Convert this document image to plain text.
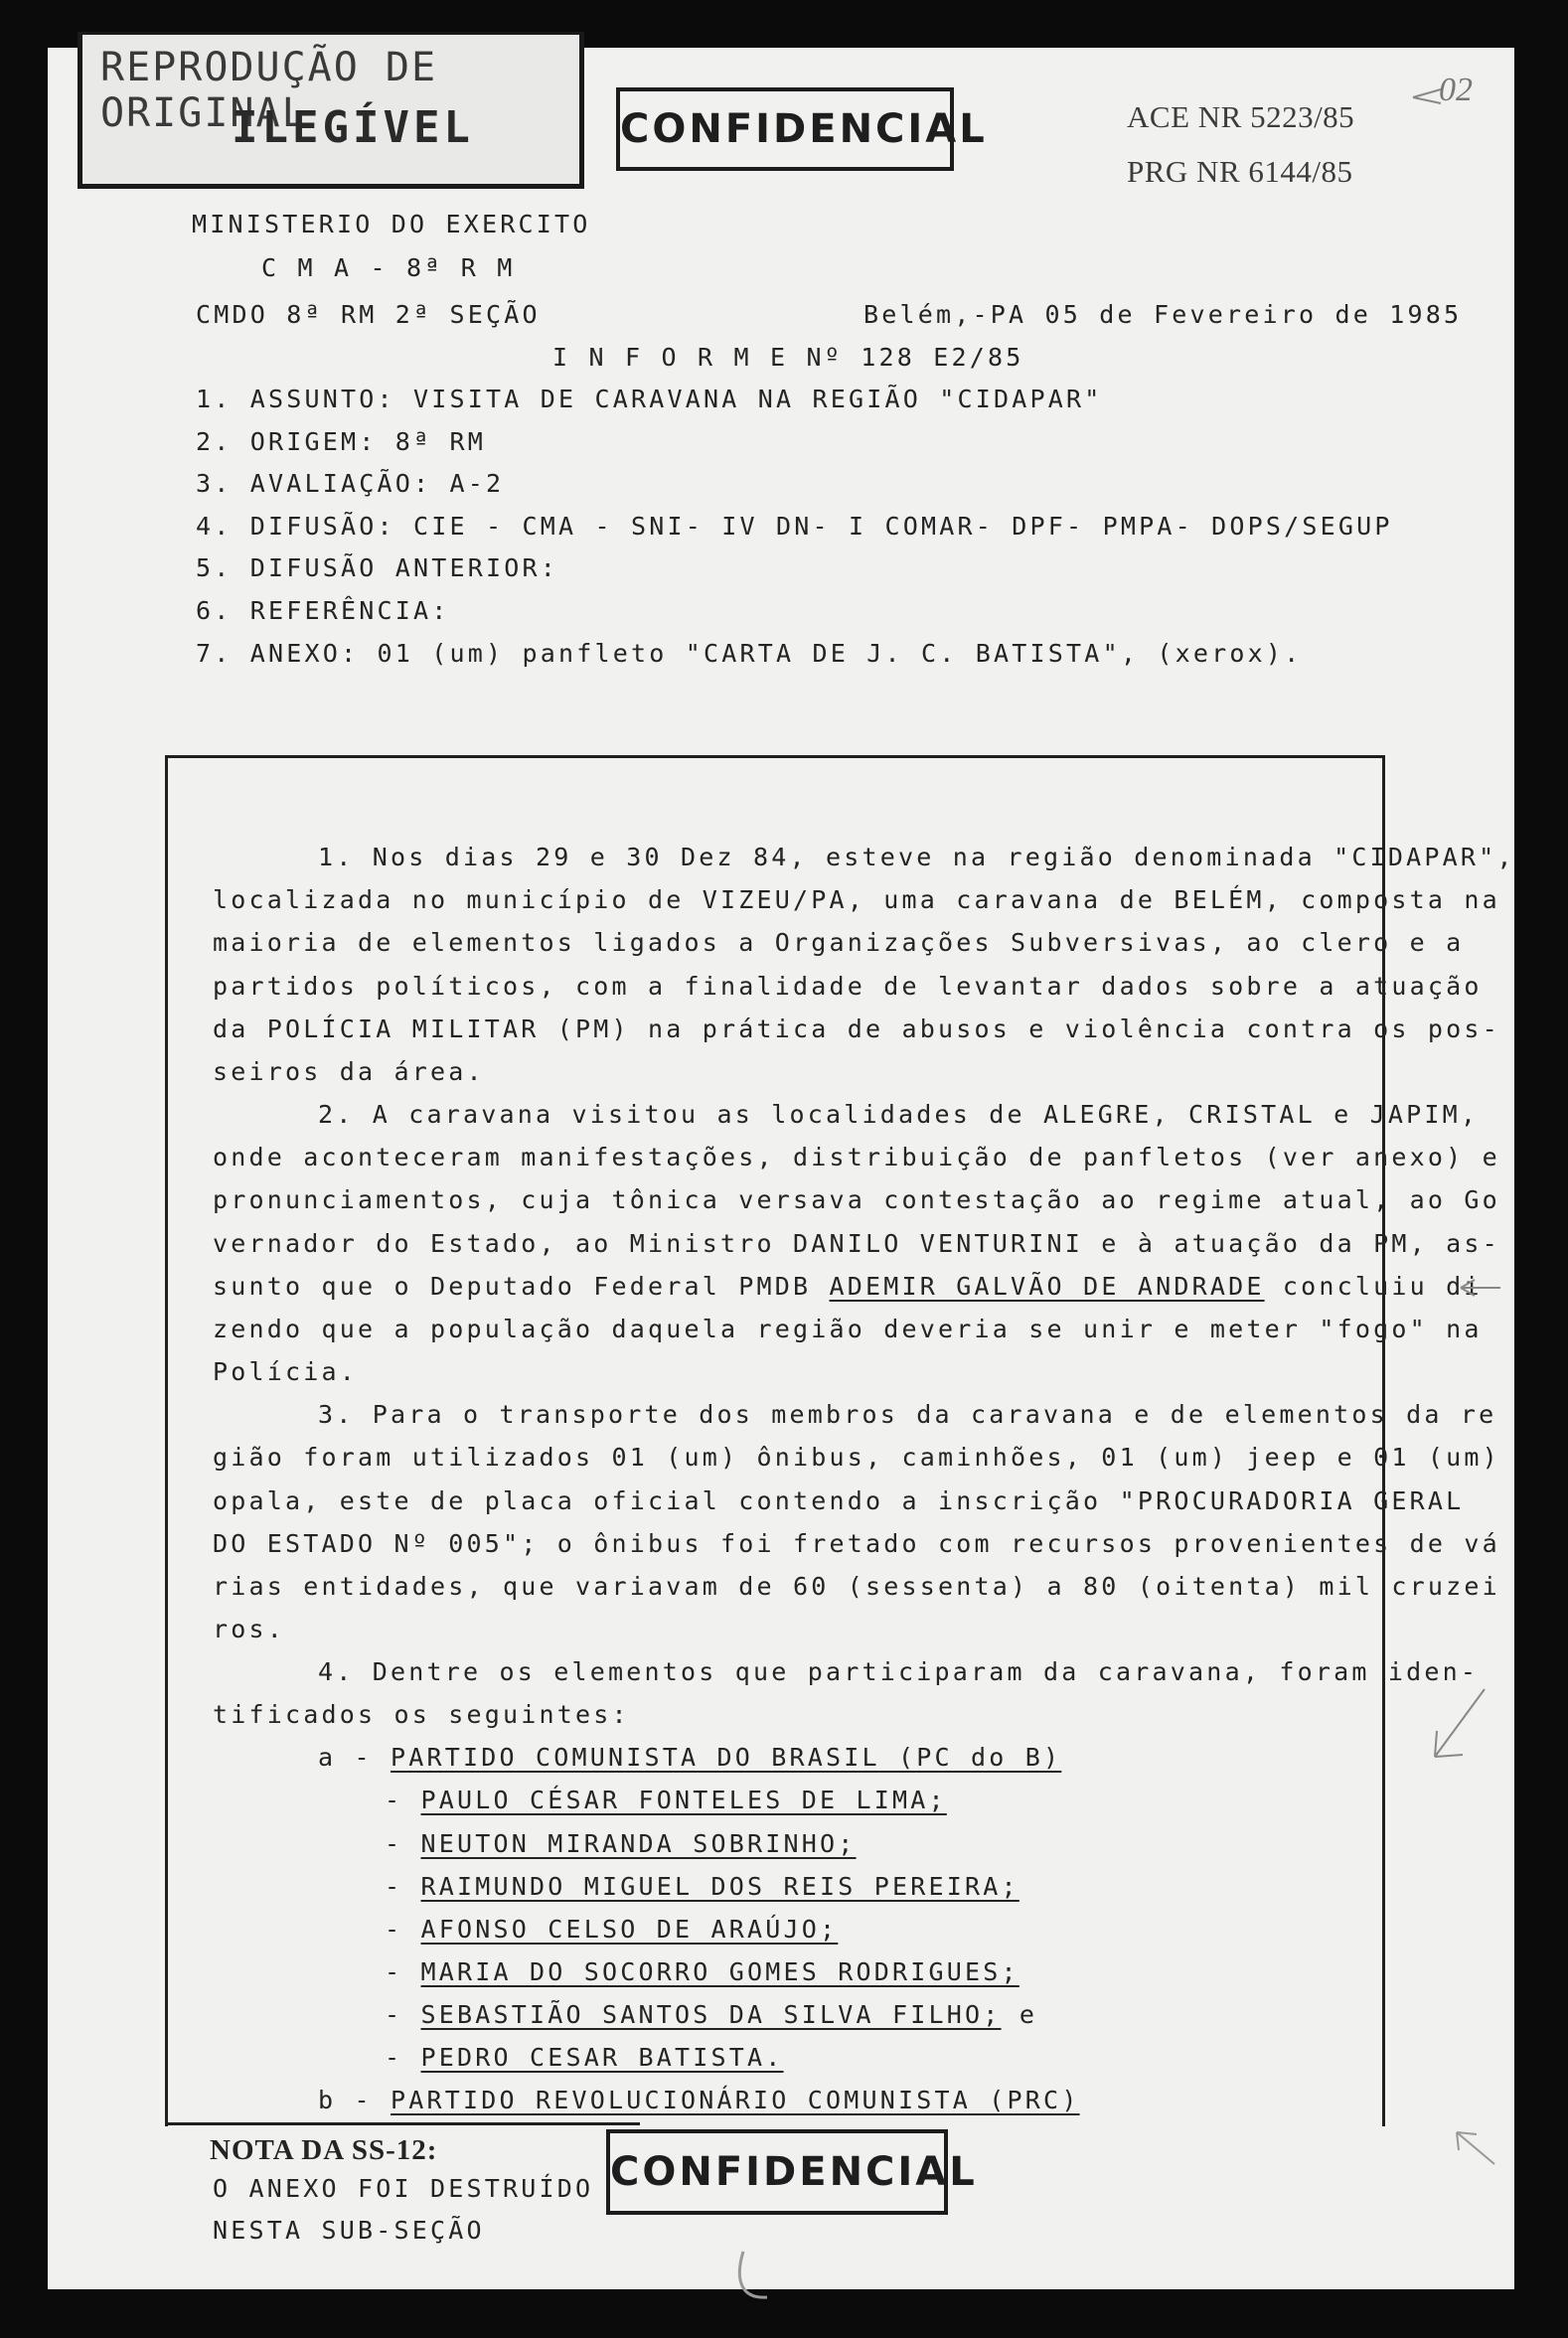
REPRODUÇÃO DE ORIGINAL
ILEGÍVEL
02
CONFIDENCIAL	ACE NR 5223/85
PRG NR 6144/85
MINISTERIO DO EXERCITO
C M A - 8ª R M
CMDO 8ª RM 2ª SEÇÃO	Belém,-PA 05 de Fevereiro de 1985
I N F O R M E Nº 128 E2/85
1. ASSUNTO: VISITA DE CARAVANA NA REGIÃO "CIDAPAR"
2. ORIGEM: 8ª RM
3. AVALIAÇÃO: A-2
4. DIFUSÃO: CIE - CMA - SNI- IV DN- I COMAR- DPF- PMPA- DOPS/SEGUP
5. DIFUSÃO ANTERIOR:
6. REFERÊNCIA:
7. ANEXO: 01 (um) panfleto "CARTA DE J. C. BATISTA", (xerox).
1. Nos dias 29 e 30 Dez 84, esteve na região denominada "CIDAPAR",
localizada no município de VIZEU/PA, uma caravana de BELÉM, composta na
maioria de elementos ligados a Organizações Subversivas, ao clero e a
partidos políticos, com a finalidade de levantar dados sobre a atuação
da POLÍCIA MILITAR (PM) na prática de abusos e violência contra os pos-
seiros da área.
2. A caravana visitou as localidades de ALEGRE, CRISTAL e JAPIM,
onde aconteceram manifestações, distribuição de panfletos (ver anexo) e
pronunciamentos, cuja tônica versava contestação ao regime atual, ao Go
vernador do Estado, ao Ministro DANILO VENTURINI e à atuação da PM, as-
sunto que o Deputado Federal PMDB ADEMIR GALVÃO DE ANDRADE concluiu di-
zendo que a população daquela região deveria se unir e meter "fogo" na
Polícia.
3. Para o transporte dos membros da caravana e de elementos da re
gião foram utilizados 01 (um) ônibus, caminhões, 01 (um) jeep e 01 (um)
opala, este de placa oficial contendo a inscrição "PROCURADORIA GERAL
DO ESTADO Nº 005"; o ônibus foi fretado com recursos provenientes de vá
rias entidades, que variavam de 60 (sessenta) a 80 (oitenta) mil cruzei
ros.
4. Dentre os elementos que participaram da caravana, foram iden-
tificados os seguintes:
a - PARTIDO COMUNISTA DO BRASIL (PC do B)
- PAULO CÉSAR FONTELES DE LIMA;
- NEUTON MIRANDA SOBRINHO;
- RAIMUNDO MIGUEL DOS REIS PEREIRA;
- AFONSO CELSO DE ARAÚJO;
- MARIA DO SOCORRO GOMES RODRIGUES;
- SEBASTIÃO SANTOS DA SILVA FILHO; e
- PEDRO CESAR BATISTA.
b - PARTIDO REVOLUCIONÁRIO COMUNISTA (PRC)
NOTA DA SS-12:
O ANEXO FOI DESTRUÍDO
NESTA SUB-SEÇÃO
CONFIDENCIAL
